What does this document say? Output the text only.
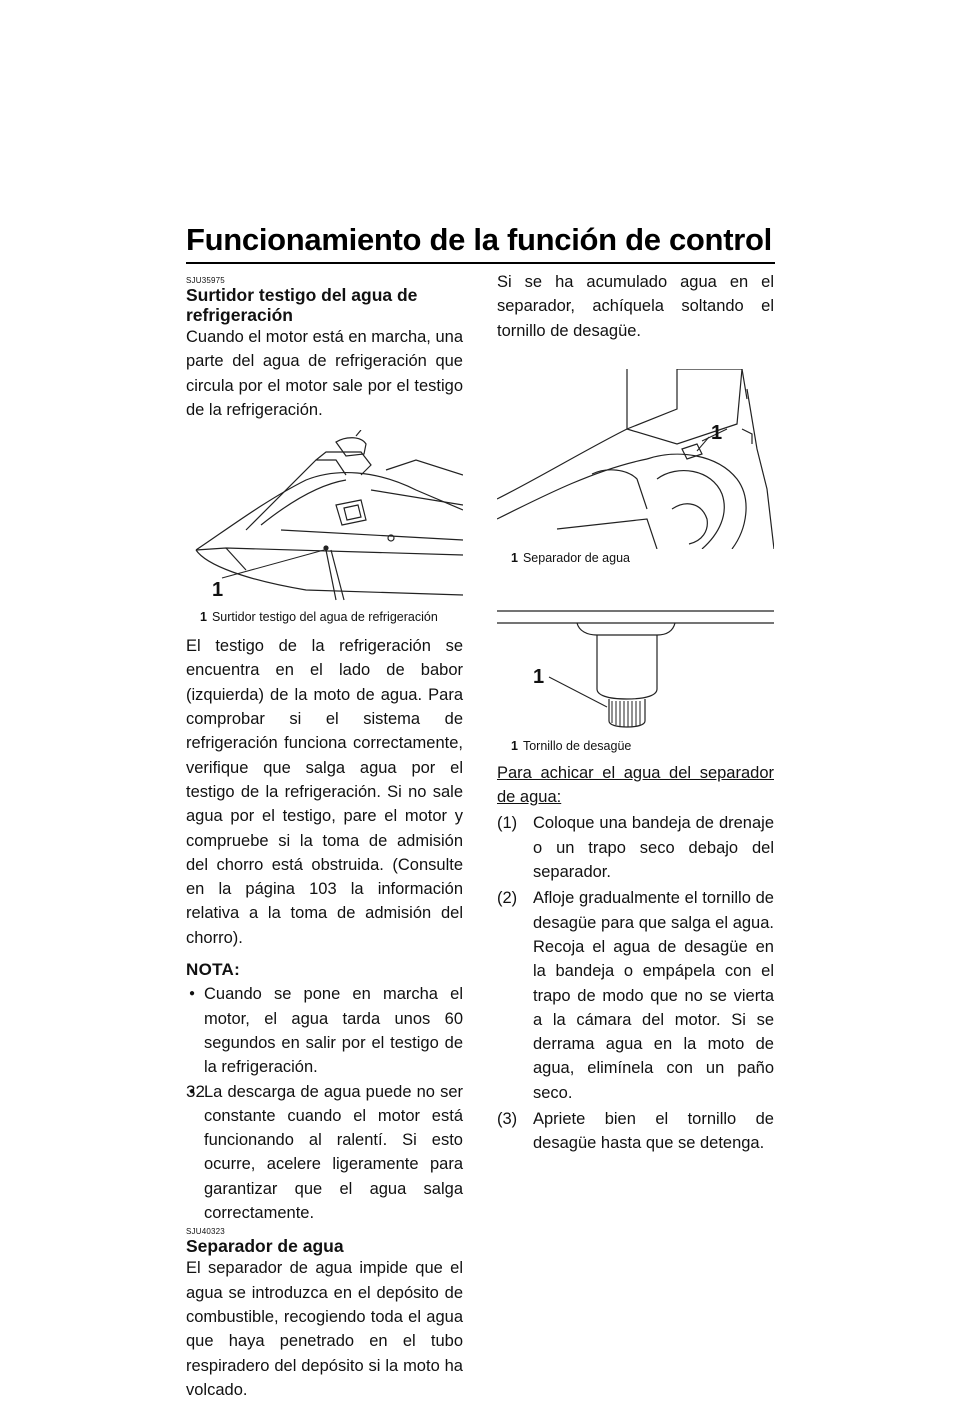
Funcionamiento de la función de control
SJU35975
Surtidor testigo del agua de refrigeración

Cuando el motor está en marcha, una parte del agua de refrigeración que circula por el motor sale por el testigo de la refrigeración.

1
1 Surtidor testigo del agua de refrigeración

El testigo de la refrigeración se encuentra en el lado de babor (izquierda) de la moto de agua. Para comprobar si el sistema de refrigeración funciona correctamente, verifique que salga agua por el testigo de la refrigeración. Si no sale agua por el testigo, pare el motor y compruebe si la toma de admisión del chorro está obstruida. (Consulte en la página 103 la información relativa a la toma de admisión del chorro).

NOTA:
● Cuando se pone en marcha el motor, el agua tarda unos 60 segundos en salir por el testigo de la refrigeración.
● La descarga de agua puede no ser constante cuando el motor está funcionando al ralentí. Si esto ocurre, acelere ligeramente para garantizar que el agua salga correctamente.
SJU40323
Separador de agua

El separador de agua impide que el agua se introduzca en el depósito de combustible, recogiendo toda el agua que haya penetrado en el tubo respiradero del depósito si la moto ha volcado.

Si se ha acumulado agua en el separador, achíquela soltando el tornillo de desagüe.

1
1 Separador de agua
1
1 Tornillo de desagüe

Para achicar el agua del separador de agua:

(1) Coloque una bandeja de drenaje o un trapo seco debajo del separador.
(2) Afloje gradualmente el tornillo de desagüe para que salga el agua. Recoja el agua de desagüe en la bandeja o empápela con el trapo de modo que no se vierta a la cámara del motor. Si se derrama agua en la moto de agua, elimínela con un paño seco.
(3) Apriete bien el tornillo de desagüe hasta que se detenga.
32
